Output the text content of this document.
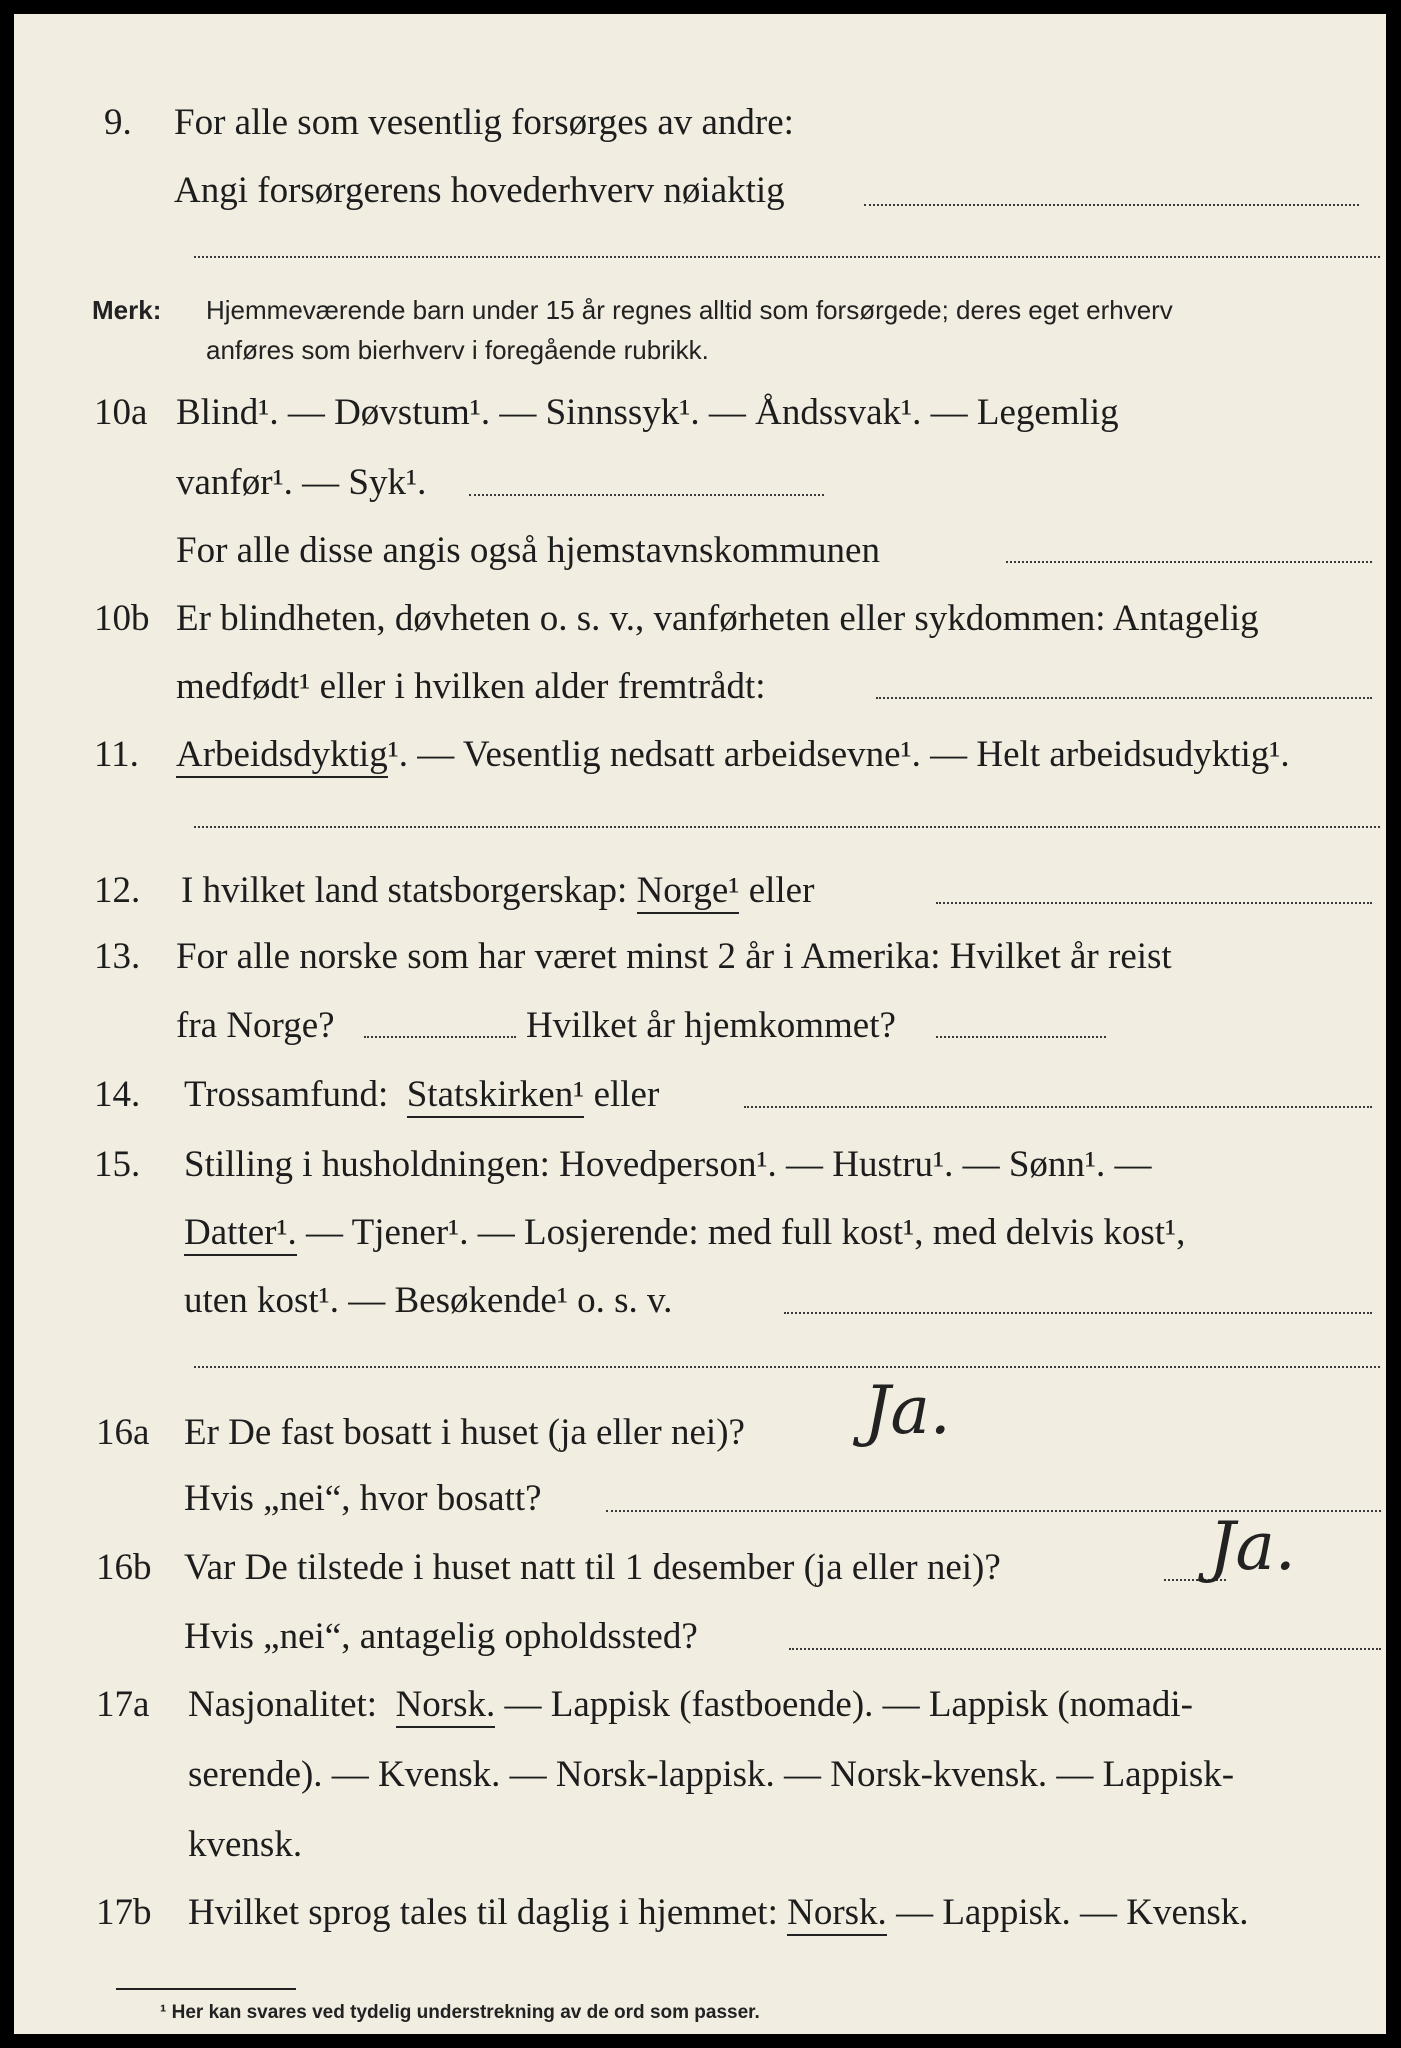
9. For alle som vesentlig forsørges av andre:
Angi forsørgerens hovederhverv nøiaktig
Merk: Hjemmeværende barn under 15 år regnes alltid som forsørgede; deres eget erhverv
anføres som bierhverv i foregående rubrikk.
10a Blind¹. — Døvstum¹. — Sinnssyk¹. — Åndssvak¹. — Legemlig
vanfør¹. — Syk¹.
For alle disse angis også hjemstavnskommunen
10b Er blindheten, døvheten o. s. v., vanførheten eller sykdommen: Antagelig
medfødt¹ eller i hvilken alder fremtrådt:
11. Arbeidsdyktig¹. — Vesentlig nedsatt arbeidsevne¹. — Helt arbeidsudyktig¹.
12. I hvilket land statsborgerskap: Norge¹ eller
13. For alle norske som har været minst 2 år i Amerika: Hvilket år reist
fra Norge?	Hvilket år hjemkommet?
14. Trossamfund: Statskirken¹ eller
15. Stilling i husholdningen: Hovedperson¹. — Hustru¹. — Sønn¹. —
Datter¹. — Tjener¹. — Losjerende: med full kost¹, med delvis kost¹,
uten kost¹. — Besøkende¹ o. s. v.
16a Er De fast bosatt i huset (ja eller nei)? Ja.
Hvis „nei“, hvor bosatt?
16b Var De tilstede i huset natt til 1 desember (ja eller nei)?	Ja.
Hvis „nei“, antagelig opholdssted?
17a Nasjonalitet: Norsk. — Lappisk (fastboende). — Lappisk (nomadi-
serende). — Kvensk. — Norsk-lappisk. — Norsk-kvensk. — Lappisk-
kvensk.
17b Hvilket sprog tales til daglig i hjemmet: Norsk. — Lappisk. — Kvensk.
¹ Her kan svares ved tydelig understrekning av de ord som passer.
